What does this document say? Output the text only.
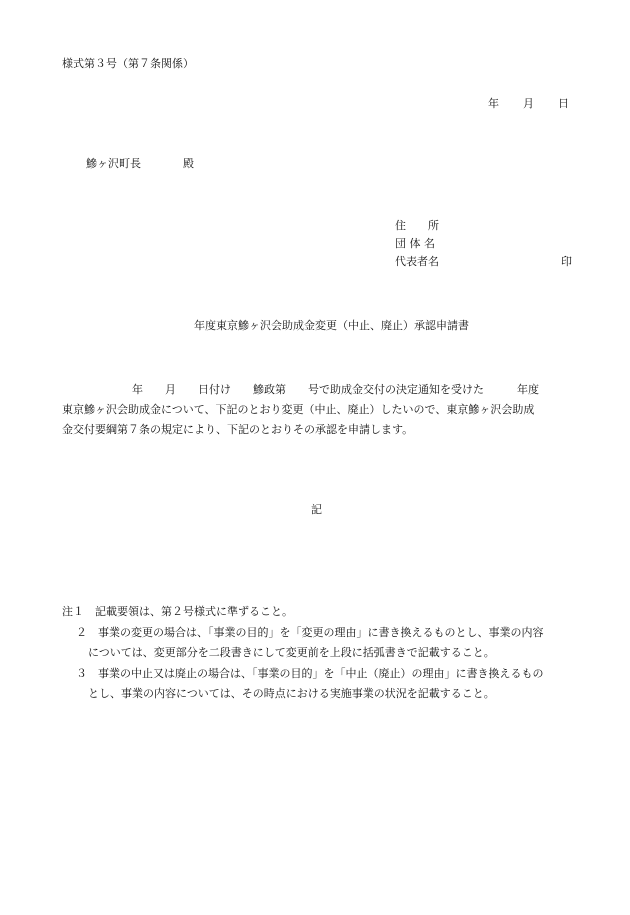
様式第３号（第７条関係）
年 月 日
鰺ヶ沢町長	殿
住　　所
団 体 名
代表者名	印
年度東京鰺ヶ沢会助成金変更（中止、廃止）承認申請書
年　　月　　日付け　　鰺政第　　号で助成金交付の決定通知を受けた　　　年度
東京鰺ヶ沢会助成金について、下記のとおり変更（中止、廃止）したいので、東京鰺ヶ沢会助成
金交付要綱第７条の規定により、下記のとおりその承認を申請します。
記
注１　記載要領は、第２号様式に準ずること。
２　事業の変更の場合は、「事業の目的」を「変更の理由」に書き換えるものとし、事業の内容
については、変更部分を二段書きにして変更前を上段に括弧書きで記載すること。
３　事業の中止又は廃止の場合は、「事業の目的」を「中止（廃止）の理由」に書き換えるもの
とし、事業の内容については、その時点における実施事業の状況を記載すること。
